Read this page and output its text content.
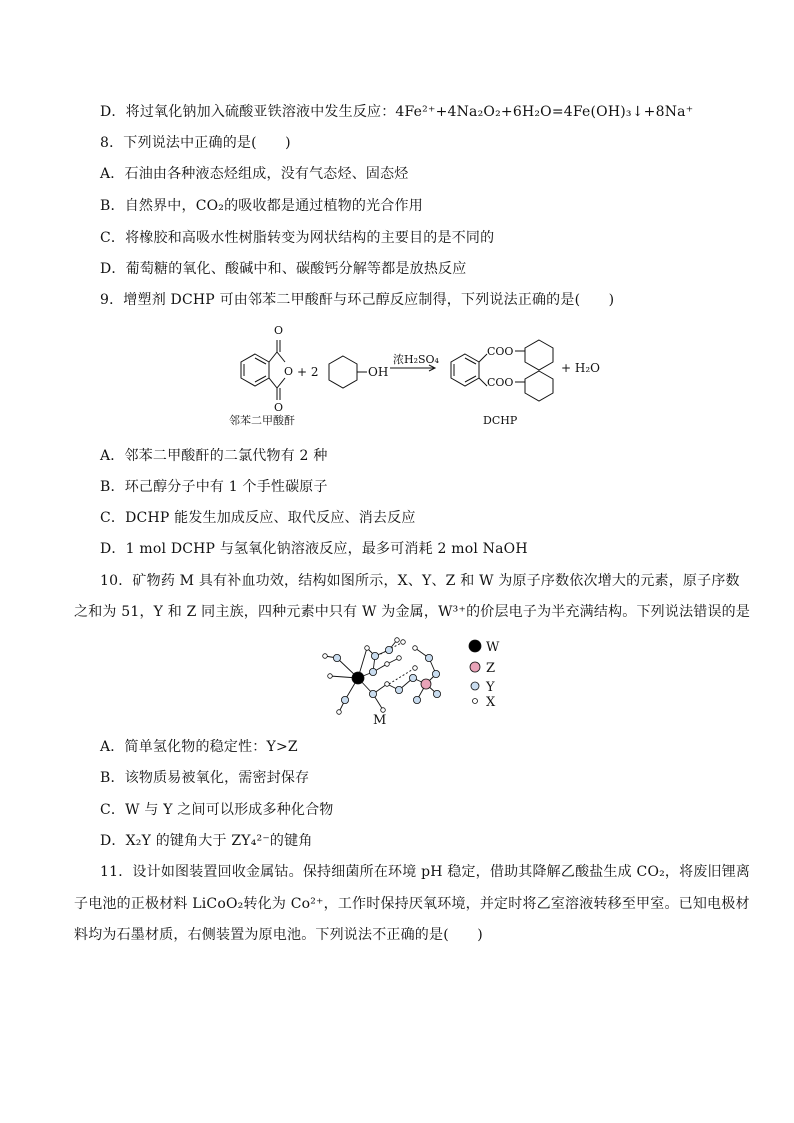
D．将过氧化钠加入硫酸亚铁溶液中发生反应：4Fe²⁺+4Na₂O₂+6H₂O=4Fe(OH)₃↓+8Na⁺
8．下列说法中正确的是(　　)
A．石油由各种液态烃组成，没有气态烃、固态烃
B．自然界中，CO₂的吸收都是通过植物的光合作用
C．将橡胶和高吸水性树脂转变为网状结构的主要目的是不同的
D．葡萄糖的氧化、酸碱中和、碳酸钙分解等都是放热反应
9．增塑剂 DCHP 可由邻苯二甲酸酐与环己醇反应制得，下列说法正确的是(　　)
O
O
O
+ 2	OH
浓H₂SO₄
COO
COO
+ H₂O
邻苯二甲酸酐	DCHP
A．邻苯二甲酸酐的二氯代物有 2 种
B．环己醇分子中有 1 个手性碳原子
C．DCHP 能发生加成反应、取代反应、消去反应
D．1 mol DCHP 与氢氧化钠溶液反应，最多可消耗 2 mol NaOH
10．矿物药 M 具有补血功效，结构如图所示，X、Y、Z 和 W 为原子序数依次增大的元素，原子序数
之和为 51，Y 和 Z 同主族，四种元素中只有 W 为金属，W³⁺的价层电子为半充满结构。下列说法错误的是
M
W
Z
Y
X
A．简单氢化物的稳定性：Y>Z
B．该物质易被氧化，需密封保存
C．W 与 Y 之间可以形成多种化合物
D．X₂Y 的键角大于 ZY₄²⁻的键角
11．设计如图装置回收金属钴。保持细菌所在环境 pH 稳定，借助其降解乙酸盐生成 CO₂，将废旧锂离
子电池的正极材料 LiCoO₂转化为 Co²⁺，工作时保持厌氧环境，并定时将乙室溶液转移至甲室。已知电极材
料均为石墨材质，右侧装置为原电池。下列说法不正确的是(　　)
